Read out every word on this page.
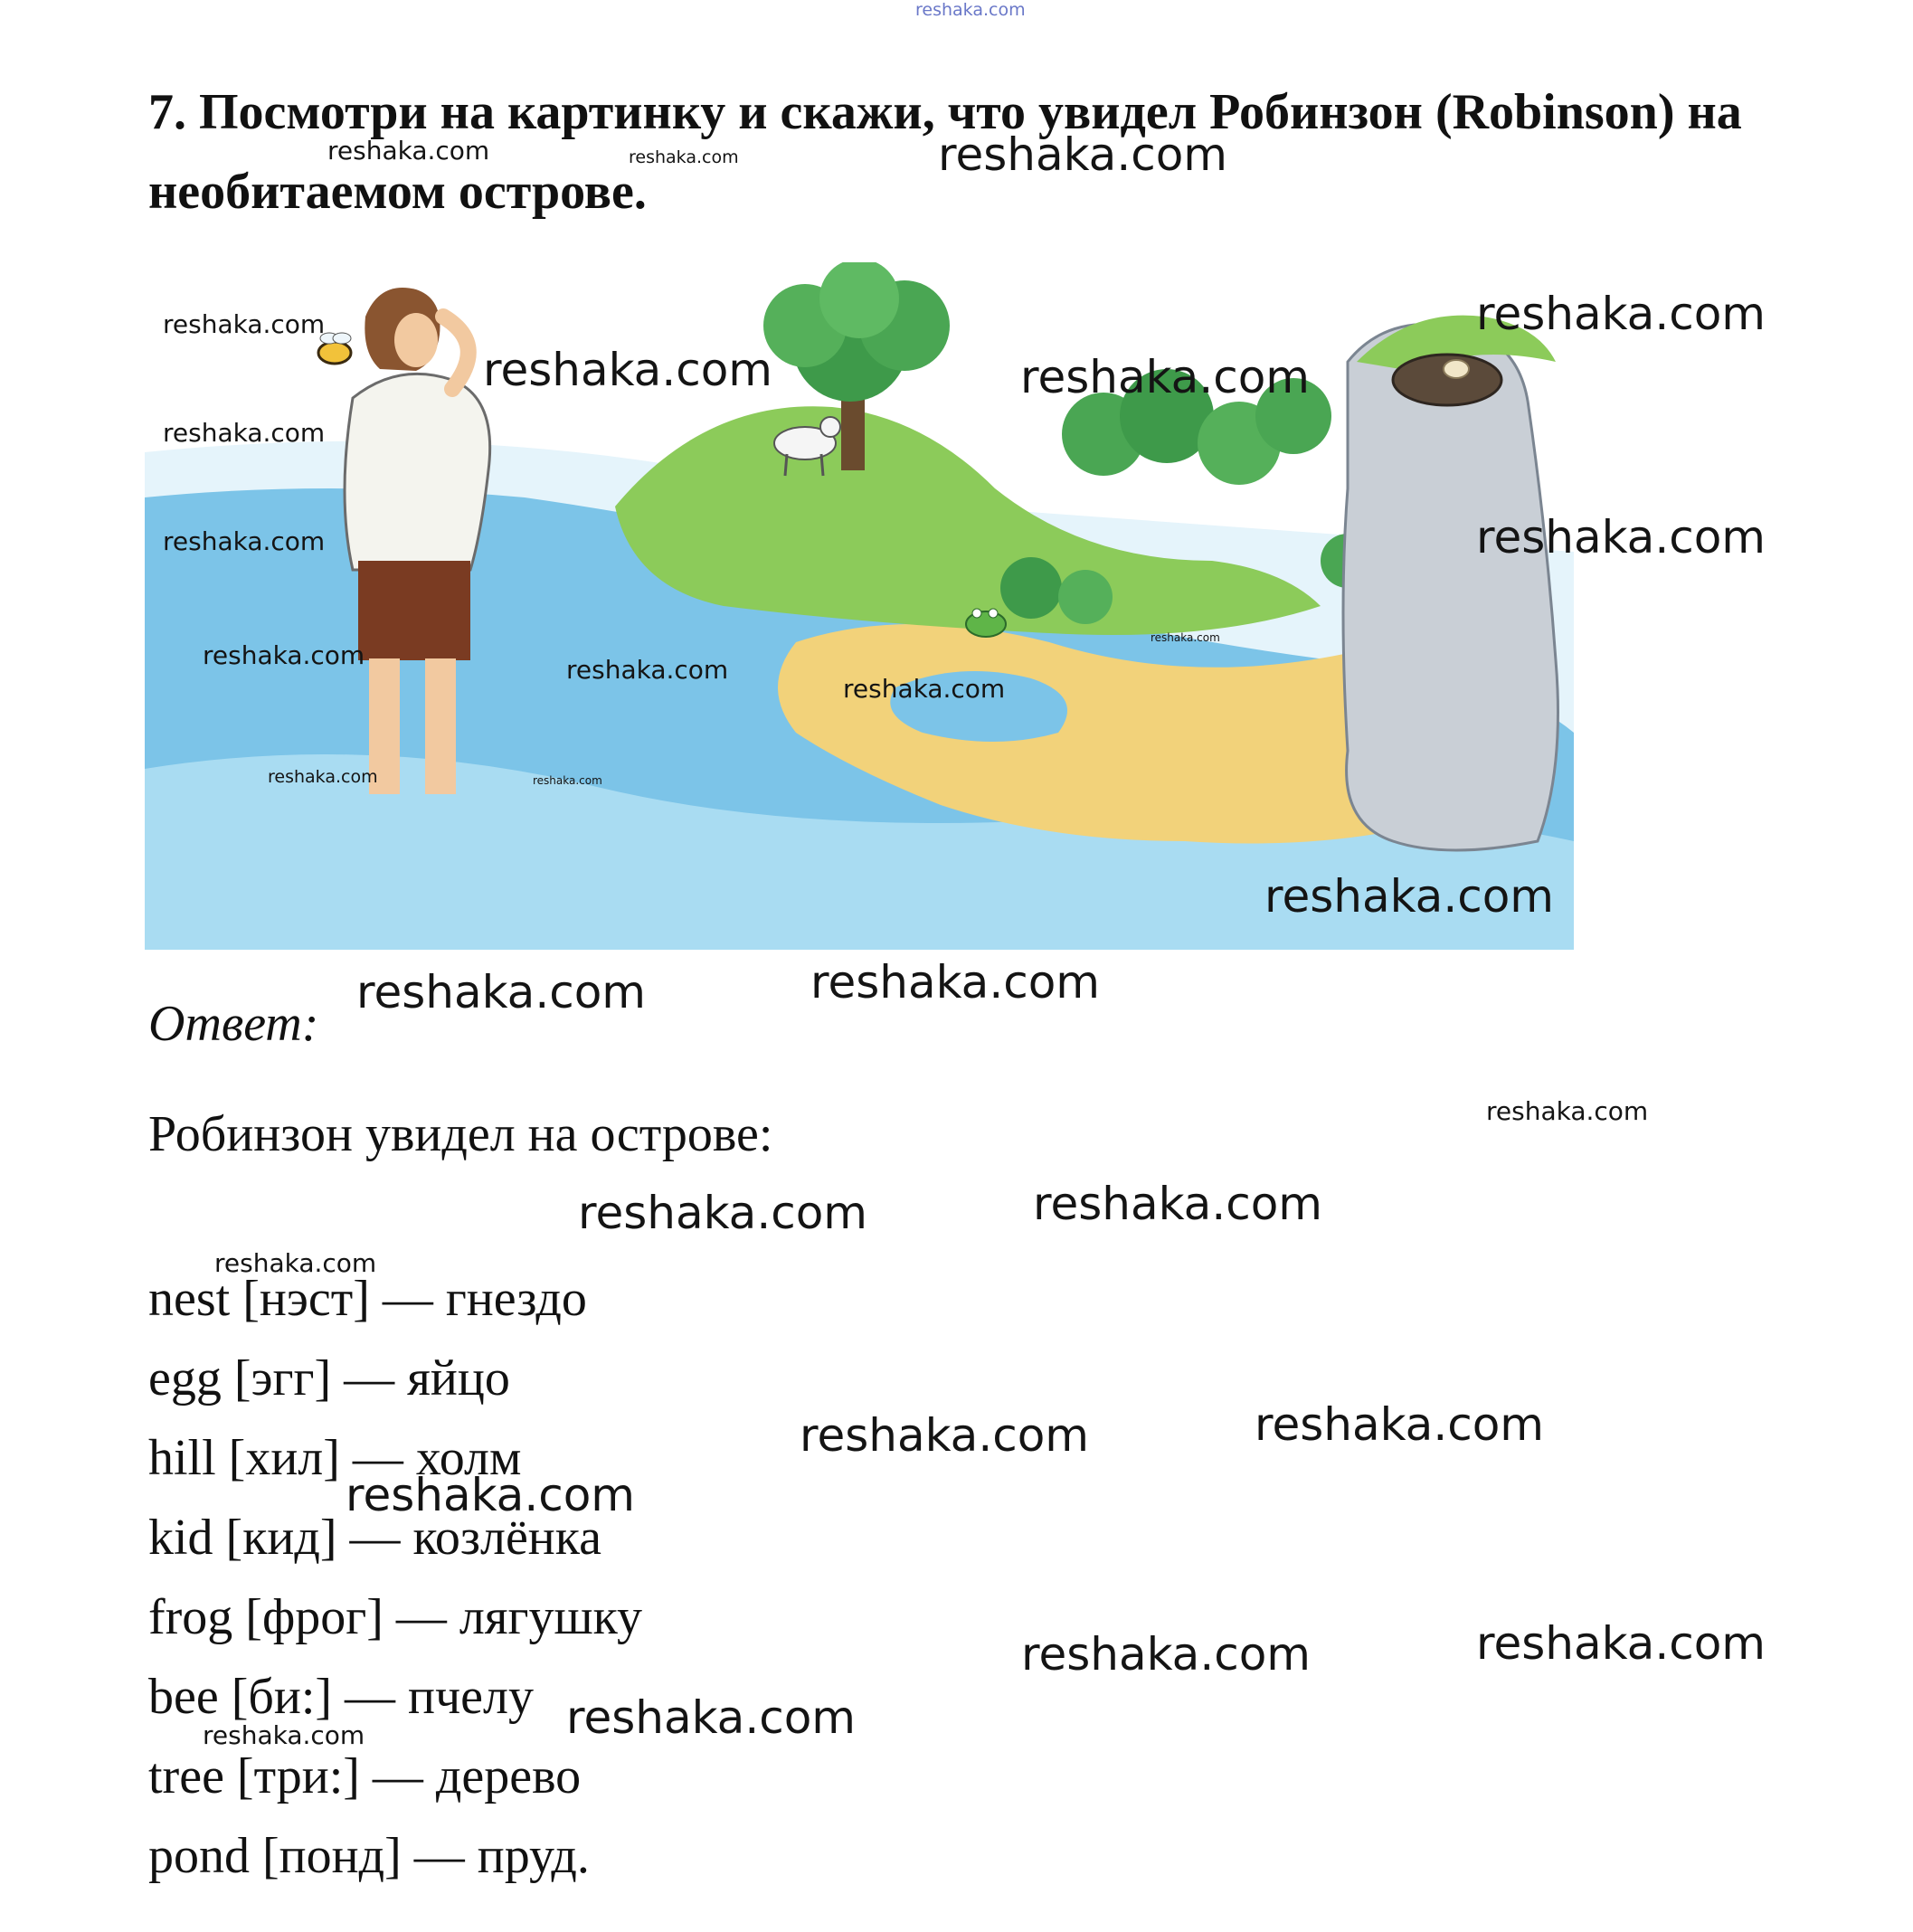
reshaka.com
7. Посмотри на картинку и скажи, что увидел Робинзон (Robinson) на необитаемом острове.

Ответ:

Робинзон увидел на острове:

nest [нэст] — гнездо
egg [эгг] — яйцо
hill [хил] — холм
kid [кид] — козлёнка
frog [фрог] — лягушку
bee [би:] — пчелу
tree [три:] — дерево
pond [понд] — пруд.
reshaka.com	reshaka.com	reshaka.com
reshaka.com
reshaka.com	reshaka.com
reshaka.com
reshaka.com
reshaka.com	reshaka.com
reshaka.com	reshaka.com
reshaka.com
reshaka.com
reshaka.com	reshaka.com
reshaka.com
reshaka.com	reshaka.com
reshaka.com
reshaka.com	reshaka.com
reshaka.com
reshaka.com	reshaka.com
reshaka.com
reshaka.com	reshaka.com
reshaka.com
reshaka.com
